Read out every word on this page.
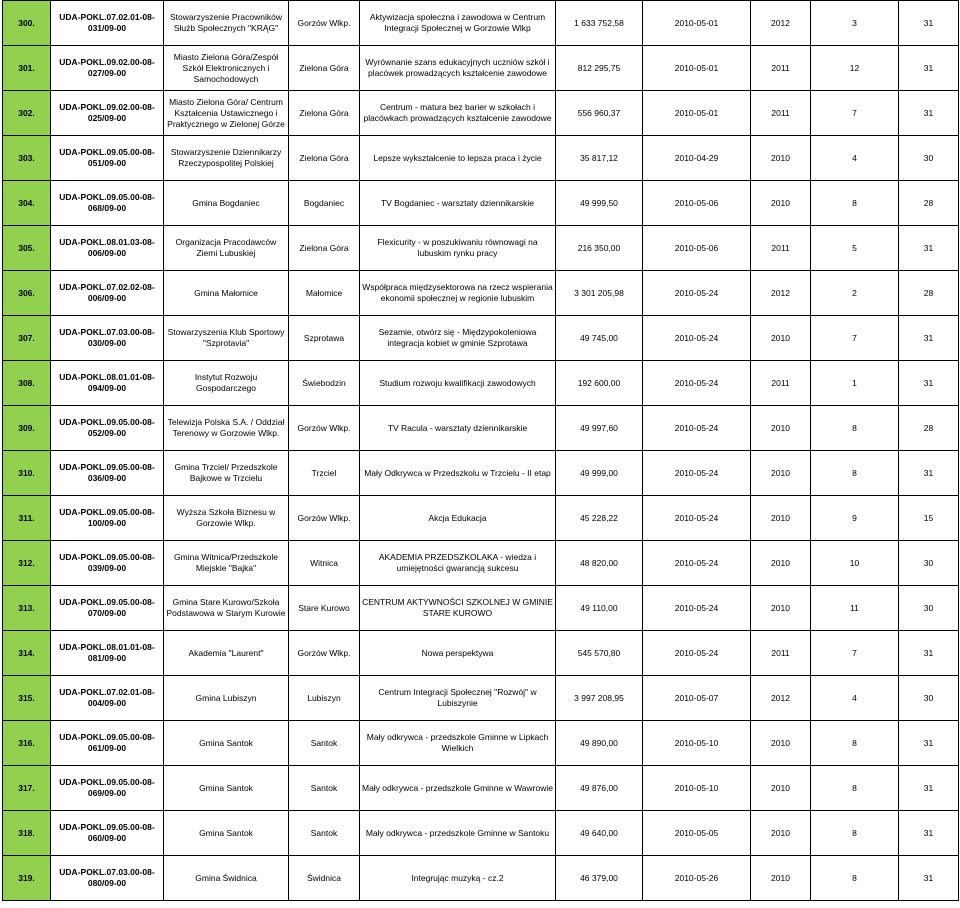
300.	UDA-POKL.07.02.01-08-031/09-00	Stowarzyszenie Pracowników Służb Społecznych "KRĄG"	Gorzów Wlkp.	Aktywizacja społeczna i zawodowa w Centrum Integracji Społecznej w Gorzowie Wlkp	1 633 752,58	2010-05-01	2012	3	31
301.	UDA-POKL.09.02.00-08-027/09-00	Miasto Zielona Góra/Zespół Szkół Elektronicznych i Samochodowych	Zielona Góra	Wyrównanie szans edukacyjnych uczniów szkół i placówek prowadzących kształcenie zawodowe	812 295,75	2010-05-01	2011	12	31
302.	UDA-POKL.09.02.00-08-025/09-00	Miasto Zielona Góra/ Centrum Kształcenia Ustawicznego i Praktycznego w Zielonej Górze	Zielona Góra	Centrum - matura bez barier w szkołach i placówkach prowadzących kształcenie zawodowe	556 960,37	2010-05-01	2011	7	31
303.	UDA-POKL.09.05.00-08-051/09-00	Stowarzyszenie Dziennikarzy Rzeczypospolitej Polskiej	Zielona Góra	Lepsze wykształcenie to lepsza praca i życie	35 817,12	2010-04-29	2010	4	30
304.	UDA-POKL.09.05.00-08-068/09-00	Gmina Bogdaniec	Bogdaniec	TV Bogdaniec - warsztaty dziennikarskie	49 999,50	2010-05-06	2010	8	28
305.	UDA-POKL.08.01.03-08-006/09-00	Organizacja Pracodawców Ziemi Lubuskiej	Zielona Góra	Flexicurity - w poszukiwaniu równowagi na lubuskim rynku pracy	216 350,00	2010-05-06	2011	5	31
306.	UDA-POKL.07.02.02-08-006/09-00	Gmina Małomice	Małomice	Współpraca międzysektorowa na rzecz wspierania ekonomii społecznej w regionie lubuskim	3 301 205,98	2010-05-24	2012	2	28
307.	UDA-POKL.07.03.00-08-030/09-00	Stowarzyszenia Klub Sportowy "Szprotavia"	Szprotawa	Sezamie, otwórz się - Międzypokoleniowa integracja kobiet w gminie Szprotawa	49 745,00	2010-05-24	2010	7	31
308.	UDA-POKL.08.01.01-08-094/09-00	Instytut Rozwoju Gospodarczego	Świebodzin	Studium rozwoju kwalifikacji zawodowych	192 600,00	2010-05-24	2011	1	31
309.	UDA-POKL.09.05.00-08-052/09-00	Telewizja Polska S.A. / Oddział Terenowy w Gorzowie Wlkp.	Gorzów Wlkp.	TV Racula - warsztaty dziennikarskie	49 997,60	2010-05-24	2010	8	28
310.	UDA-POKL.09.05.00-08-036/09-00	Gmina Trzciel/ Przedszkole Bajkowe w Trzcielu	Trzciel	Mały Odkrywca w Przedszkolu w Trzcielu - II etap	49 999,00	2010-05-24	2010	8	31
311.	UDA-POKL.09.05.00-08-100/09-00	Wyższa Szkoła Biznesu w Gorzowie Wlkp.	Gorzów Wlkp.	Akcja Edukacja	45 228,22	2010-05-24	2010	9	15
312.	UDA-POKL.09.05.00-08-039/09-00	Gmina Witnica/Przedszkole Miejskie "Bajka"	Witnica	AKADEMIA PRZEDSZKOLAKA - wiedza i umiejętności gwarancją sukcesu	48 820,00	2010-05-24	2010	10	30
313.	UDA-POKL.09.05.00-08-070/09-00	Gmina Stare Kurowo/Szkoła Podstawowa w Starym Kurowie	Stare Kurowo	CENTRUM AKTYWNOŚCI SZKOLNEJ W GMINIE STARE KUROWO	49 110,00	2010-05-24	2010	11	30
314.	UDA-POKL.08.01.01-08-081/09-00	Akademia "Laurent"	Gorzów Wlkp.	Nowa perspektywa	545 570,80	2010-05-24	2011	7	31
315.	UDA-POKL.07.02.01-08-004/09-00	Gmina Lubiszyn	Lubiszyn	Centrum Integracji Społecznej "Rozwój" w Lubiszynie	3 997 208,95	2010-05-07	2012	4	30
316.	UDA-POKL.09.05.00-08-061/09-00	Gmina Santok	Santok	Mały odkrywca - przedszkole Gminne w Lipkach Wielkich	49 890,00	2010-05-10	2010	8	31
317.	UDA-POKL.09.05.00-08-069/09-00	Gmina Santok	Santok	Mały odkrywca - przedszkole Gminne w Wawrowie	49 876,00	2010-05-10	2010	8	31
318.	UDA-POKL.09.05.00-08-060/09-00	Gmina Santok	Santok	Mały odkrywca - przedszkole Gminne w Santoku	49 640,00	2010-05-05	2010	8	31
319.	UDA-POKL.07.03.00-08-080/09-00	Gmina Świdnica	Świdnica	Integrując muzyką - cz.2	46 379,00	2010-05-26	2010	8	31
